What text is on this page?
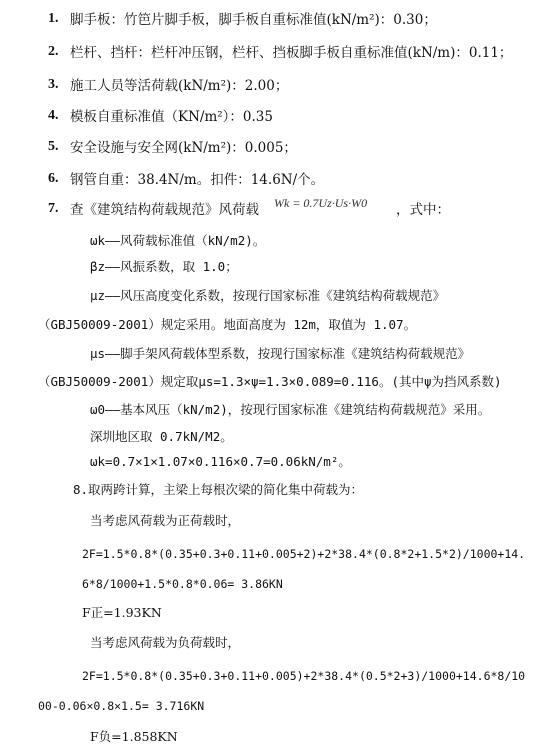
1. 脚手板：竹笆片脚手板，脚手板自重标准值(kN/m²)：0.30；
2. 栏杆、挡杆：栏杆冲压钢，栏杆、挡板脚手板自重标准值(kN/m)：0.11；
3. 施工人员等活荷载(kN/m²)：2.00；
4. 模板自重标准值（KN/m²）：0.35
5. 安全设施与安全网(kN/m²)：0.005；
6. 钢管自重：38.4N/m。扣件：14.6N/个。
7. 查《建筑结构荷载规范》风荷载 Wk = 0.7Uz·Us·W0 ，式中：
ωk——风荷载标准值（kN/m2)。
βz——风振系数，取 1.0；
μz——风压高度变化系数，按现行国家标准《建筑结构荷载规范》
（GBJ50009-2001）规定采用。地面高度为 12m，取值为 1.07。
μs——脚手架风荷载体型系数，按现行国家标准《建筑结构荷载规范》
（GBJ50009-2001）规定取μs=1.3×ψ=1.3×0.089=0.116。(其中ψ为挡风系数)
ω0——基本风压（kN/m2)，按现行国家标准《建筑结构荷载规范》采用。
深圳地区取 0.7kN/M2。
ωk=0.7×1×1.07×0.116×0.7=0.06kN/m²。
8.取两跨计算，主梁上每根次梁的简化集中荷载为：
当考虑风荷载为正荷载时，
2F=1.5*0.8*(0.35+0.3+0.11+0.005+2)+2*38.4*(0.8*2+1.5*2)/1000+14.
6*8/1000+1.5*0.8*0.06= 3.86KN
F正=1.93KN
当考虑风荷载为负荷载时，
2F=1.5*0.8*(0.35+0.3+0.11+0.005)+2*38.4*(0.5*2+3)/1000+14.6*8/10
00-0.06×0.8×1.5= 3.716KN
F负=1.858KN
